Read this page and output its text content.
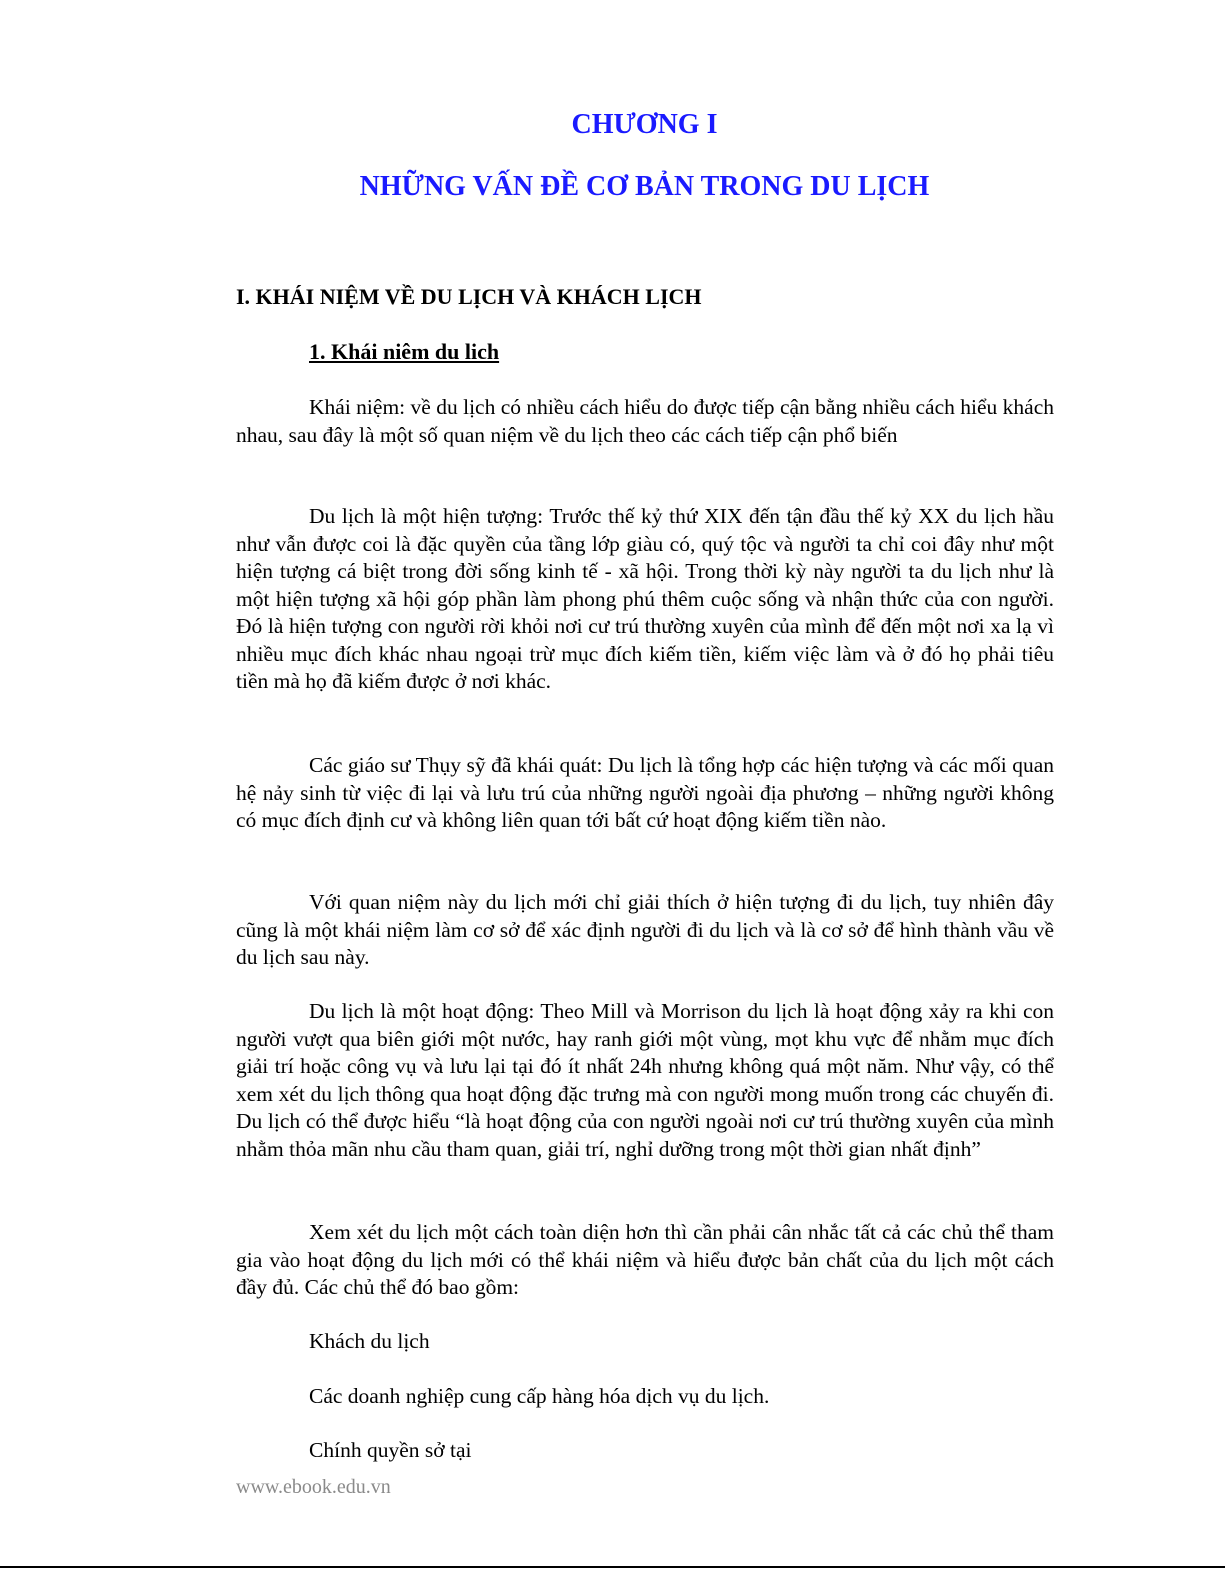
CHƯƠNG I
NHỮNG VẤN ĐỀ CƠ BẢN TRONG DU LỊCH
I. KHÁI NIỆM VỀ DU LỊCH VÀ KHÁCH LỊCH
1. Khái niêm du lich

Khái niệm: về du lịch có nhiều cách hiểu do được tiếp cận bằng nhiều cách hiểu khách nhau, sau đây là một số quan niệm về du lịch theo các cách tiếp cận phổ biến

Du lịch là một hiện tượng: Trước thế kỷ thứ XIX đến tận đầu thế kỷ XX du lịch hầu như vẫn được coi là đặc quyền của tầng lớp giàu có, quý tộc và người ta chỉ coi đây như một hiện tượng cá biệt trong đời sống kinh tế - xã hội. Trong thời kỳ này người ta du lịch như là một hiện tượng xã hội góp phần làm phong phú thêm cuộc sống và nhận thức của con người. Đó là hiện tượng con người rời khỏi nơi cư trú thường xuyên của mình để đến một nơi xa lạ vì nhiều mục đích khác nhau ngoại trừ mục đích kiếm tiền, kiếm việc làm và ở đó họ phải tiêu tiền mà họ đã kiếm được ở nơi khác.

Các giáo sư Thụy sỹ đã khái quát: Du lịch là tổng hợp các hiện tượng và các mối quan hệ nảy sinh từ việc đi lại và lưu trú của những người ngoài địa phương – những người không có mục đích định cư và không liên quan tới bất cứ hoạt động kiếm tiền nào.

Với quan niệm này du lịch mới chỉ giải thích ở hiện tượng đi du lịch, tuy nhiên đây cũng là một khái niệm làm cơ sở để xác định người đi du lịch và là cơ sở để hình thành vầu về du lịch sau này.

Du lịch là một hoạt động: Theo Mill và Morrison du lịch là hoạt động xảy ra khi con người vượt qua biên giới một nước, hay ranh giới một vùng, mọt khu vực để nhằm mục đích giải trí hoặc công vụ và lưu lại tại đó ít nhất 24h nhưng không quá một năm. Như vậy, có thể xem xét du lịch thông qua hoạt động đặc trưng mà con người mong muốn trong các chuyến đi. Du lịch có thể được hiểu “là hoạt động của con người ngoài nơi cư trú thường xuyên của mình nhằm thỏa mãn nhu cầu tham quan, giải trí, nghỉ dưỡng trong một thời gian nhất định”

Xem xét du lịch một cách toàn diện hơn thì cần phải cân nhắc tất cả các chủ thể tham gia vào hoạt động du lịch mới có thể khái niệm và hiểu được bản chất của du lịch một cách đầy đủ. Các chủ thể đó bao gồm:

Khách du lịch

Các doanh nghiệp cung cấp hàng hóa dịch vụ du lịch.

Chính quyền sở tại

www.ebook.edu.vn
